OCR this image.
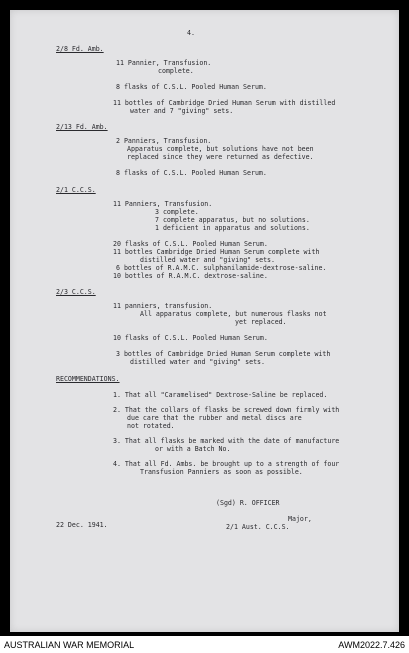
4.
2/8 Fd. Amb.
11 Pannier, Transfusion.
complete.
8 flasks of C.S.L. Pooled Human Serum.
11 bottles of Cambridge Dried Human Serum with distilled
water and 7 "giving" sets.
2/13 Fd. Amb.
2 Panniers, Transfusion.
Apparatus complete, but solutions have not been
replaced since they were returned as defective.
8 flasks of C.S.L. Pooled Human Serum.
2/1 C.C.S.
11 Panniers, Transfusion.
3 complete.
7 complete apparatus, but no solutions.
1 deficient in apparatus and solutions.
20 flasks of C.S.L. Pooled Human Serum.
11 bottles Cambridge Dried Human Serum complete with
distilled water and "giving" sets.
6 bottles of R.A.M.C. sulphanilamide-dextrose-saline.
10 bottles of R.A.M.C. dextrose-saline.
2/3 C.C.S.
11 panniers, transfusion.
All apparatus complete, but numerous flasks not
yet replaced.
10 flasks of C.S.L. Pooled Human Serum.
3 bottles of Cambridge Dried Human Serum complete with
distilled water and "giving" sets.
RECOMMENDATIONS.
1. That all "Caramelised" Dextrose-Saline be replaced.
2. That the collars of flasks be screwed down firmly with
due care that the rubber and metal discs are
not rotated.
3. That all flasks be marked with the date of manufacture
or with a Batch No.
4. That all Fd. Ambs. be brought up to a strength of four
Transfusion Panniers as soon as possible.
(Sgd) R. OFFICER
Major,
2/1 Aust. C.C.S.
22 Dec. 1941.
AUSTRALIAN WAR MEMORIAL	AWM2022.7.426
